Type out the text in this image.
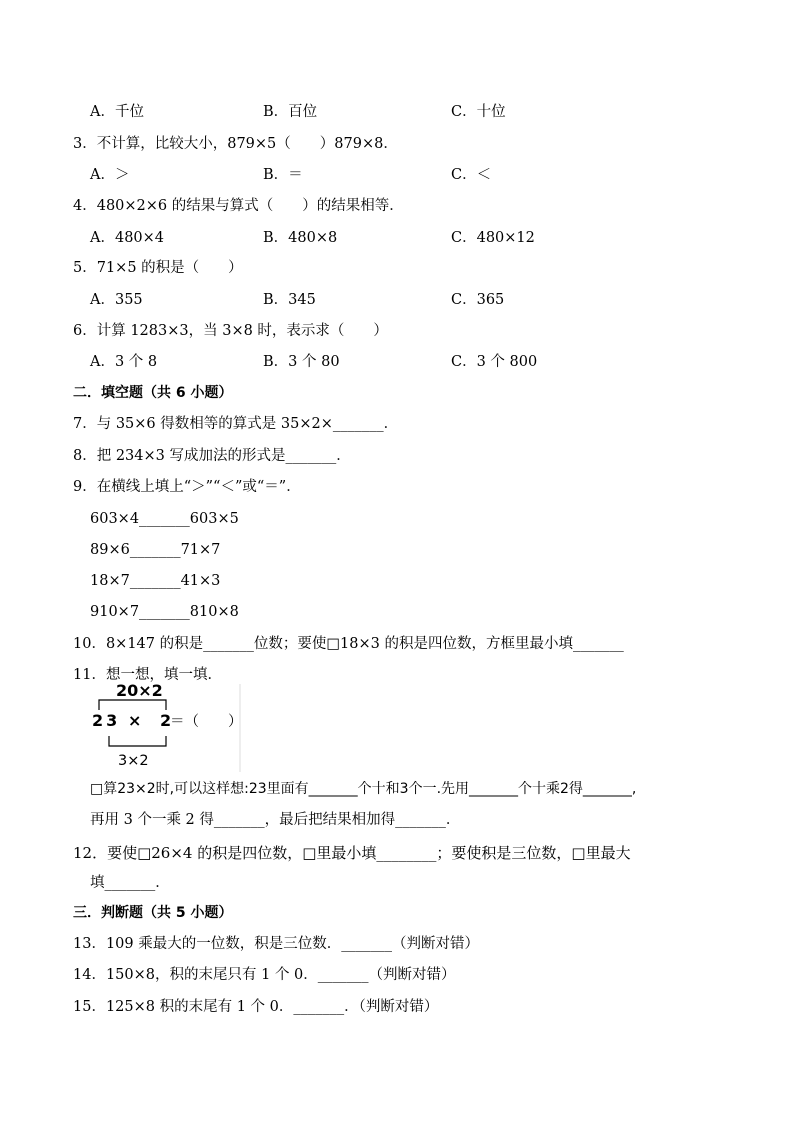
A．千位	B．百位	C．十位
3．不计算，比较大小，879×5（　　）879×8．
A．＞	B．＝	C．＜
4．480×2×6 的结果与算式（　　）的结果相等．
A．480×4	B．480×8	C．480×12
5．71×5 的积是（　　）
A．355	B．345	C．365
6．计算 1283×3，当 3×8 时，表示求（　　）
A．3 个 8	B．3 个 80	C．3 个 800
二．填空题（共 6 小题）
7．与 35×6 得数相等的算式是 35×2×_______．
8．把 234×3 写成加法的形式是_______．
9．在横线上填上“＞”“＜”或“＝”．
603×4_______603×5
89×6_______71×7
18×7_______41×3
910×7_______810×8
10．8×147 的积是_______位数；要使□18×3 的积是四位数，方框里最小填_______
11．想一想，填一填．
20×2
23 × 2
＝（　　）
3×2
□算23×2时,可以这样想:23里面有_______个十和3个一.先用_______个十乘2得_______,
再用 3 个一乘 2 得_______，最后把结果相加得_______．
12．要使□26×4 的积是四位数，□里最小填________；要使积是三位数，□里最大
填_______．
三．判断题（共 5 小题）
13．109 乘最大的一位数，积是三位数．_______（判断对错）
14．150×8，积的末尾只有 1 个 0．_______（判断对错）
15．125×8 积的末尾有 1 个 0．_______．（判断对错）
